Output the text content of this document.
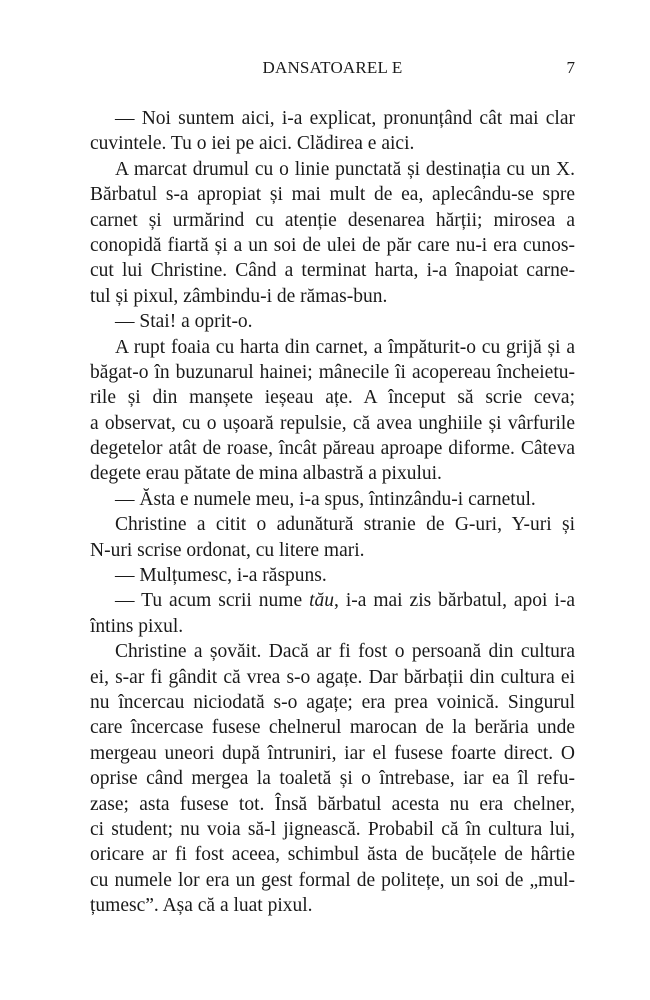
DANSATOAREL E	7
— Noi suntem aici, i-a explicat, pronunțând cât mai clar
cuvintele. Tu o iei pe aici. Clădirea e aici.
A marcat drumul cu o linie punctată și destinația cu un X.
Bărbatul s-a apropiat și mai mult de ea, aplecându-se spre
carnet și urmărind cu atenție desenarea hărții; mirosea a
conopidă fiartă și a un soi de ulei de păr care nu-i era cunos-
cut lui Christine. Când a terminat harta, i-a înapoiat carne-
tul și pixul, zâmbindu-i de rămas-bun.
— Stai! a oprit-o.
A rupt foaia cu harta din carnet, a împăturit-o cu grijă și a
băgat-o în buzunarul hainei; mânecile îi acopereau încheietu-
rile și din manșete ieșeau ațe. A început să scrie ceva;
a observat, cu o ușoară repulsie, că avea unghiile și vârfurile
degetelor atât de roase, încât păreau aproape diforme. Câteva
degete erau pătate de mina albastră a pixului.
— Ăsta e numele meu, i-a spus, întinzându-i carnetul.
Christine a citit o adunătură stranie de G-uri, Y-uri și
N-uri scrise ordonat, cu litere mari.
— Mulțumesc, i-a răspuns.
— Tu acum scrii nume tău, i-a mai zis bărbatul, apoi i-a
întins pixul.
Christine a șovăit. Dacă ar fi fost o persoană din cultura
ei, s-ar fi gândit că vrea s-o agațe. Dar bărbații din cultura ei
nu încercau niciodată s-o agațe; era prea voinică. Singurul
care încercase fusese chelnerul marocan de la berăria unde
mergeau uneori după întruniri, iar el fusese foarte direct. O
oprise când mergea la toaletă și o întrebase, iar ea îl refu-
zase; asta fusese tot. Însă bărbatul acesta nu era chelner,
ci student; nu voia să-l jignească. Probabil că în cultura lui,
oricare ar fi fost aceea, schimbul ăsta de bucățele de hârtie
cu numele lor era un gest formal de politețe, un soi de „mul-
țumesc”. Așa că a luat pixul.
